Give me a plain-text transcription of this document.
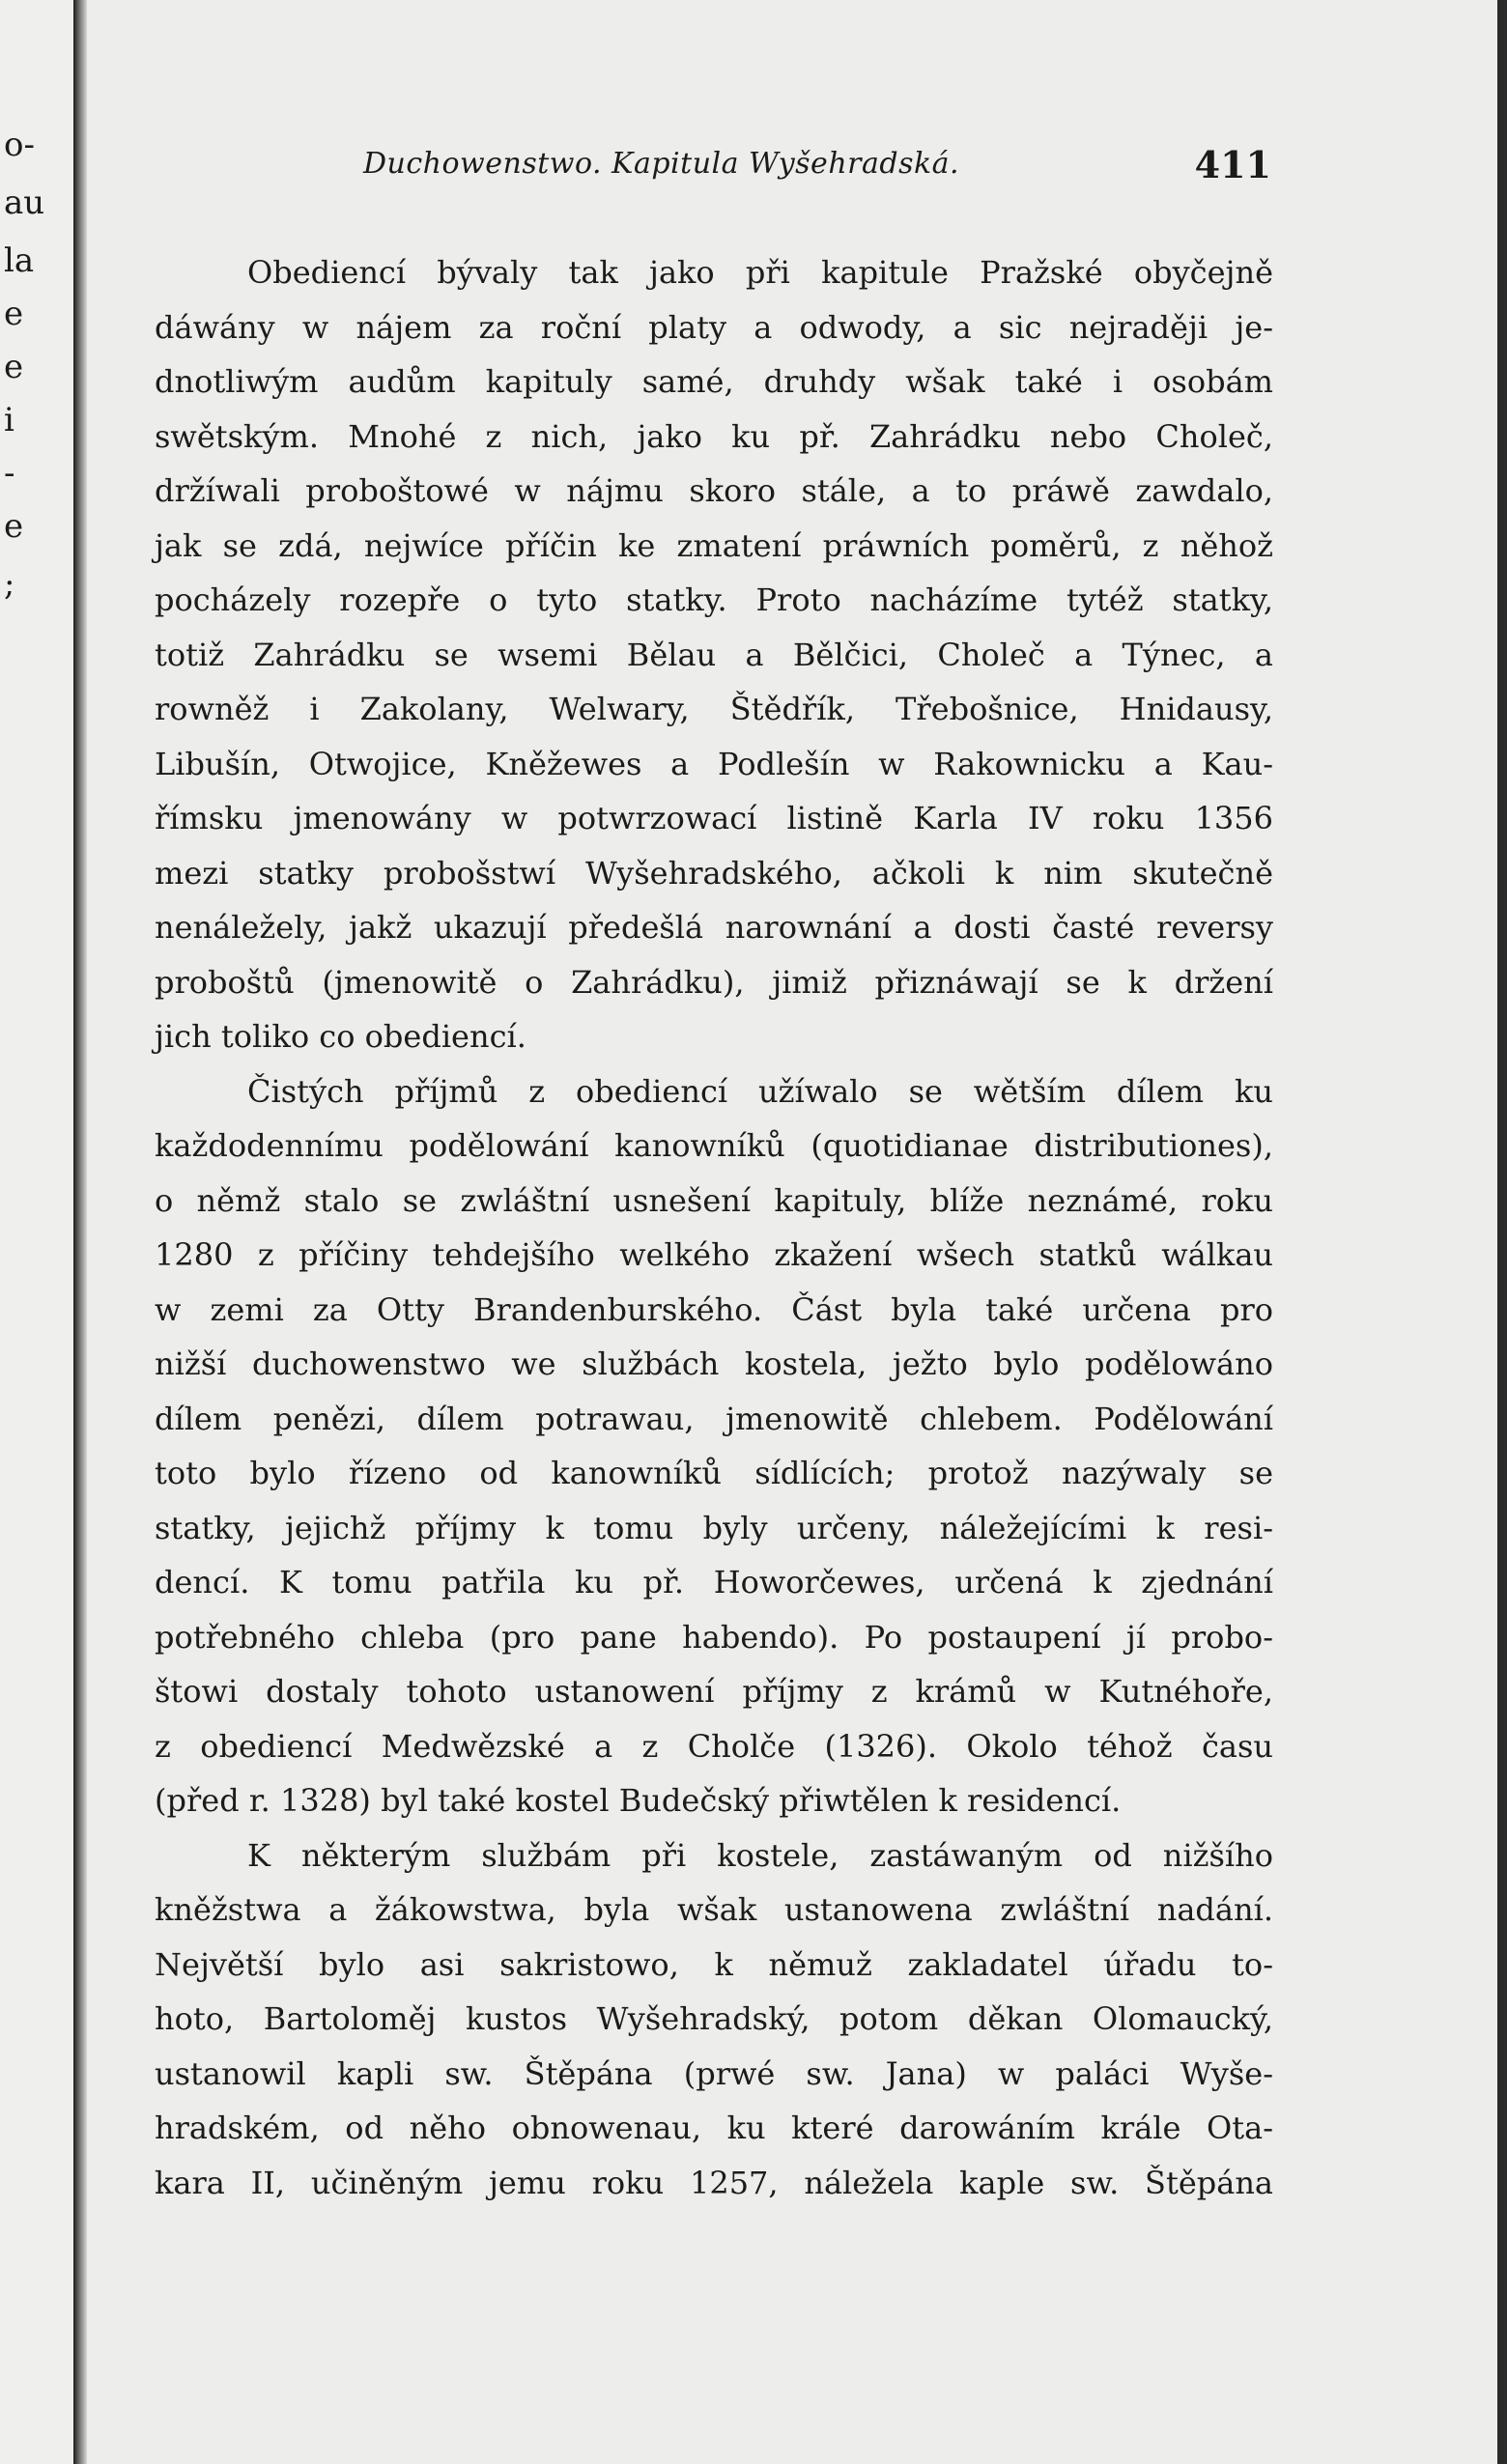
o-
au
la
e
e
i
-
e
;
Duchowenstwo. Kapitula Wyšehradská.	411
Obediencí bývaly tak jako při kapitule Pražské obyčejně
dáwány w nájem za roční platy a odwody, a sic nejraději je-
dnotliwým audům kapituly samé, druhdy wšak také i osobám
swětským. Mnohé z nich, jako ku př. Zahrádku nebo Choleč,
držíwali proboštowé w nájmu skoro stále, a to práwě zawdalo,
jak se zdá, nejwíce příčin ke zmatení práwních poměrů, z něhož
pocházely rozepře o tyto statky. Proto nacházíme tytéž statky,
totiž Zahrádku se wsemi Bělau a Bělčici, Choleč a Týnec, a
rowněž i Zakolany, Welwary, Štědřík, Třebošnice, Hnidausy,
Libušín, Otwojice, Kněžewes a Podlešín w Rakownicku a Kau-
římsku jmenowány w potwrzowací listině Karla IV roku 1356
mezi statky probošstwí Wyšehradského, ačkoli k nim skutečně
nenáležely, jakž ukazují předešlá narownání a dosti časté reversy
proboštů (jmenowitě o Zahrádku), jimiž přiznáwají se k držení
jich toliko co obediencí.
Čistých příjmů z obediencí užíwalo se wětším dílem ku
každodennímu podělowání kanowníků (quotidianae distributiones),
o němž stalo se zwláštní usnešení kapituly, blíže neznámé, roku
1280 z příčiny tehdejšího welkého zkažení wšech statků wálkau
w zemi za Otty Brandenburského. Část byla také určena pro
nižší duchowenstwo we službách kostela, ježto bylo podělowáno
dílem penězi, dílem potrawau, jmenowitě chlebem. Podělowání
toto bylo řízeno od kanowníků sídlících; protož nazýwaly se
statky, jejichž příjmy k tomu byly určeny, náležejícími k resi-
dencí. K tomu patřila ku př. Howorčewes, určená k zjednání
potřebného chleba (pro pane habendo). Po postaupení jí probo-
štowi dostaly tohoto ustanowení příjmy z krámů w Kutnéhoře,
z obediencí Medwězské a z Cholče (1326). Okolo téhož času
(před r. 1328) byl také kostel Budečský přiwtělen k residencí.
K některým službám při kostele, zastáwaným od nižšího
kněžstwa a žákowstwa, byla wšak ustanowena zwláštní nadání.
Největší bylo asi sakristowo, k němuž zakladatel úřadu to-
hoto, Bartoloměj kustos Wyšehradský, potom děkan Olomaucký,
ustanowil kapli sw. Štěpána (prwé sw. Jana) w paláci Wyše-
hradském, od něho obnowenau, ku které darowáním krále Ota-
kara II, učiněným jemu roku 1257, náležela kaple sw. Štěpána
